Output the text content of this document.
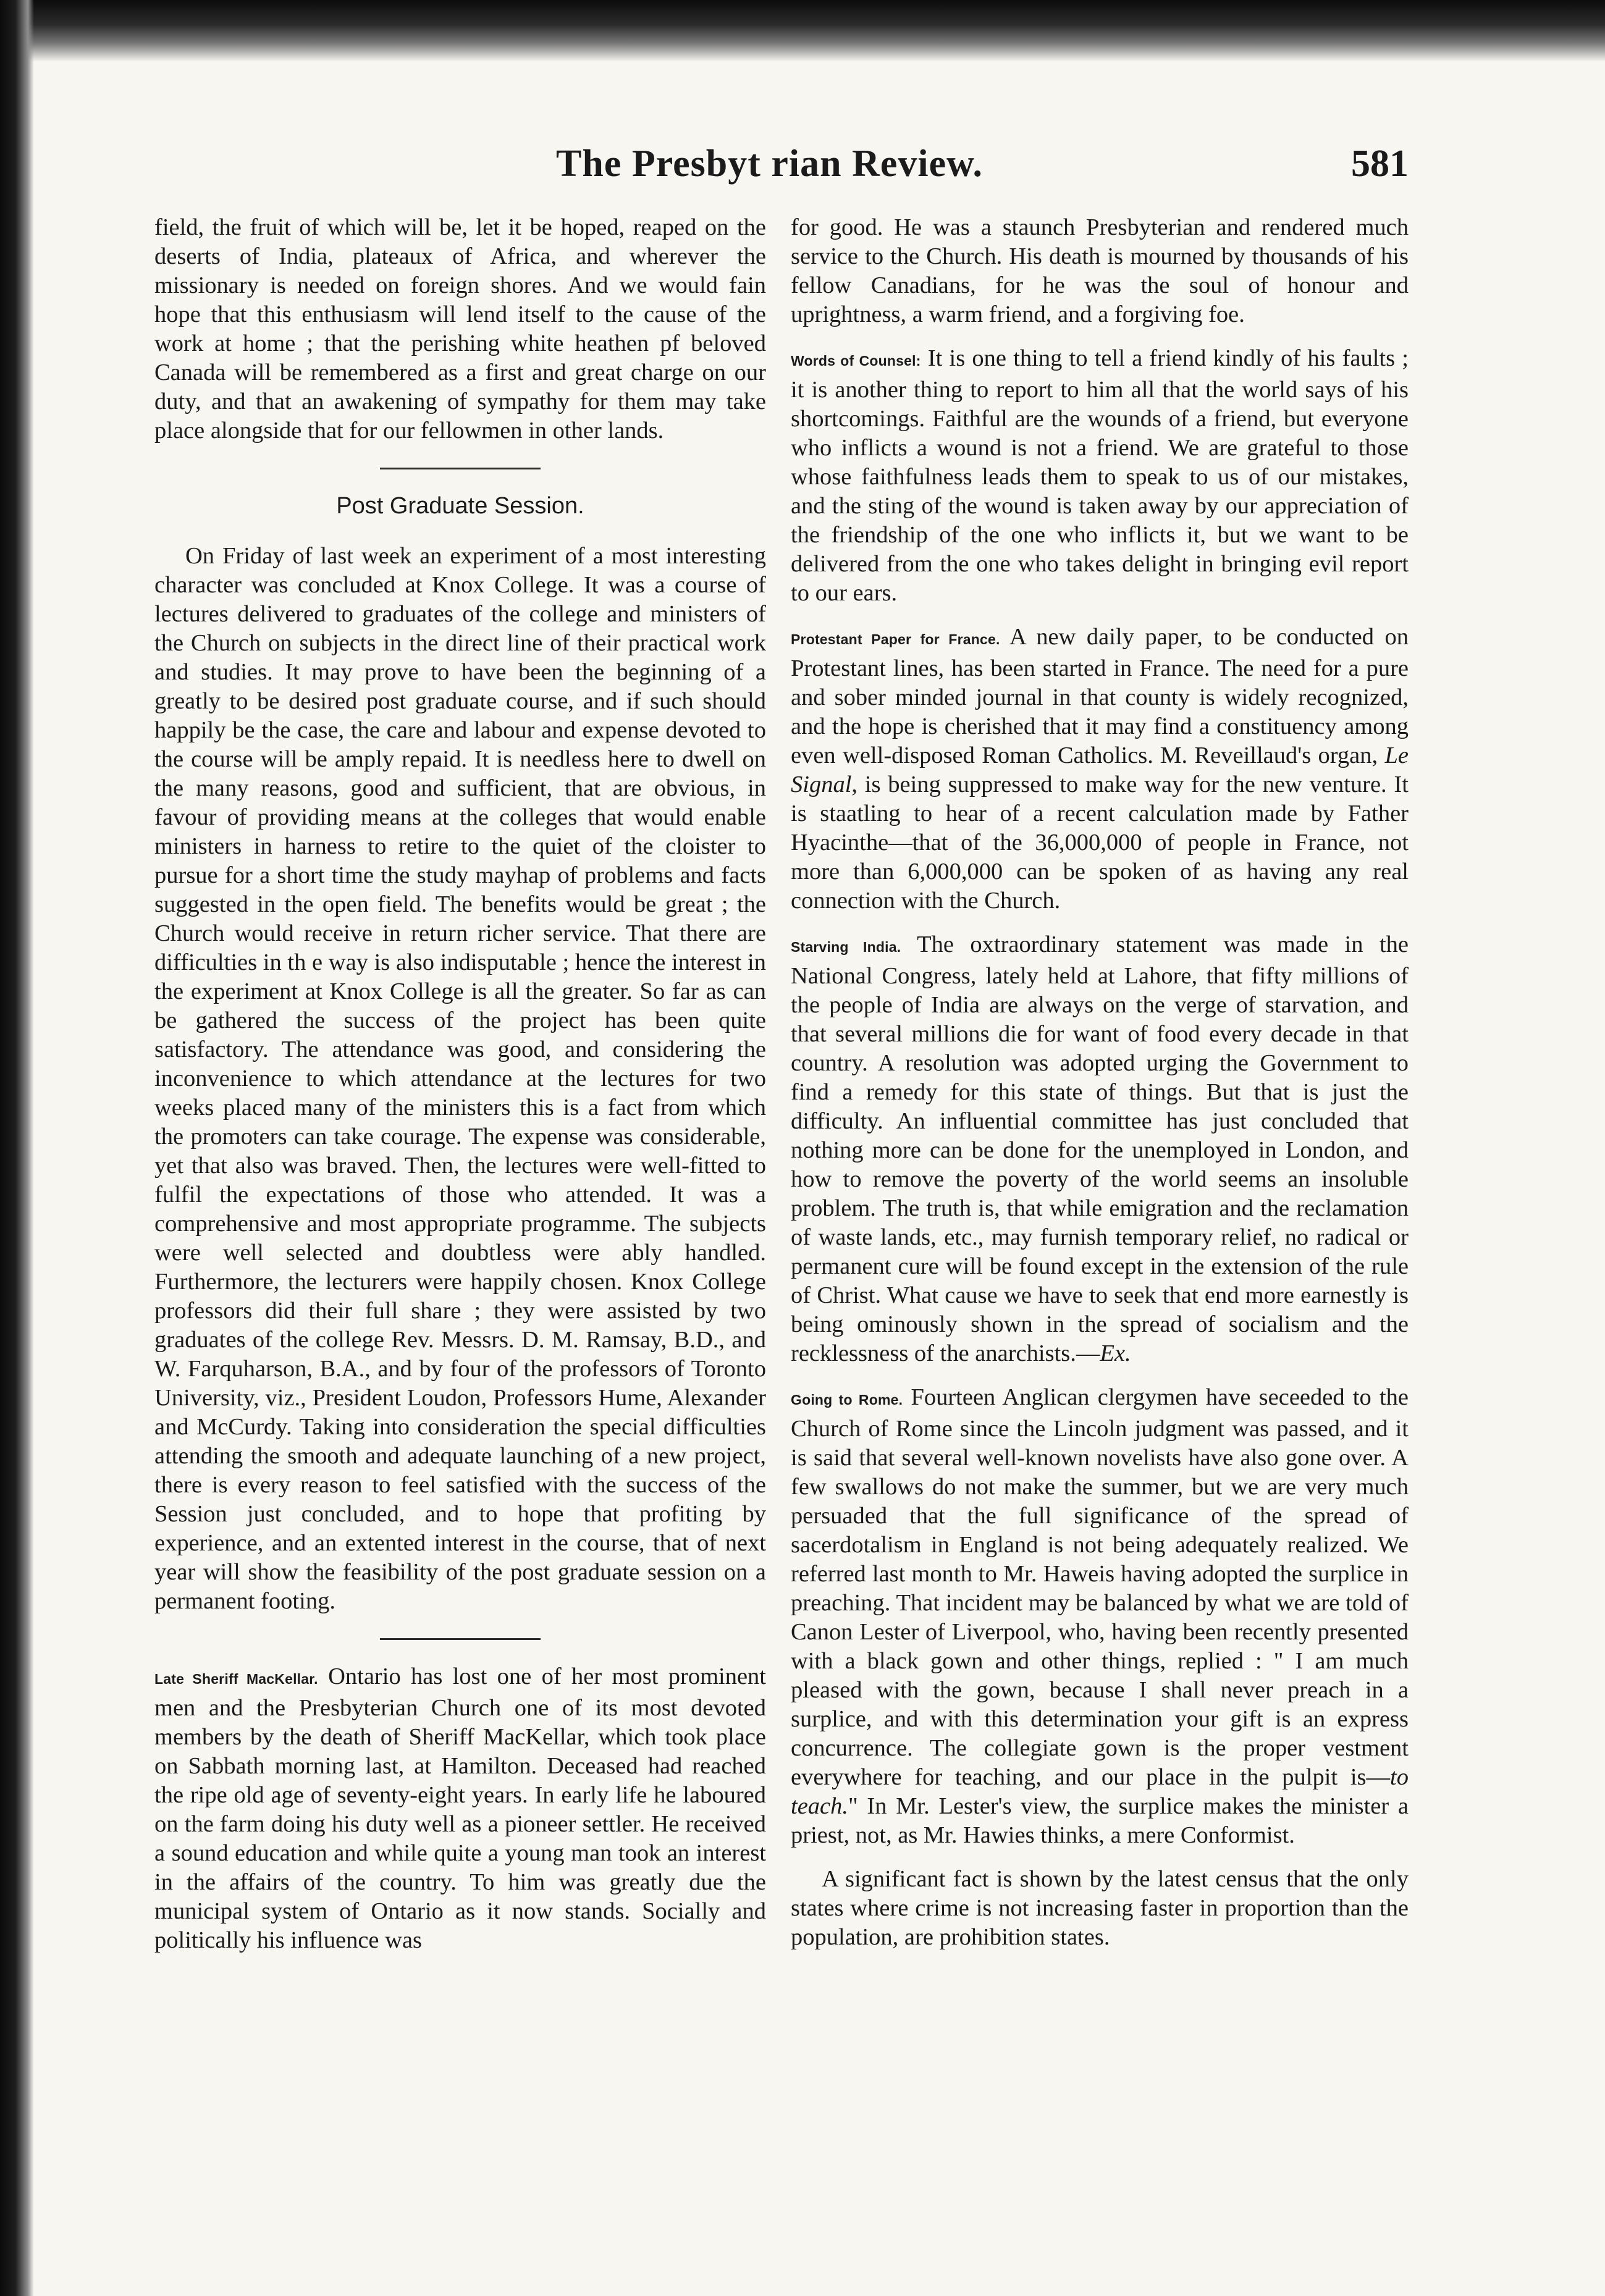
The Presbyt rian Review.	581

field, the fruit of which will be, let it be hoped, reaped on the deserts of India, plateaux of Africa, and wherever the missionary is needed on foreign shores. And we would fain hope that this enthusiasm will lend itself to the cause of the work at home ; that the perishing white heathen pf beloved Canada will be remembered as a first and great charge on our duty, and that an awakening of sympathy for them may take place alongside that for our fellowmen in other lands.

Post Graduate Session.

On Friday of last week an experiment of a most interesting character was concluded at Knox College. It was a course of lectures delivered to graduates of the college and ministers of the Church on subjects in the direct line of their practical work and studies. It may prove to have been the beginning of a greatly to be desired post graduate course, and if such should happily be the case, the care and labour and expense devoted to the course will be amply repaid. It is needless here to dwell on the many reasons, good and sufficient, that are obvious, in favour of providing means at the colleges that would enable ministers in harness to retire to the quiet of the cloister to pursue for a short time the study mayhap of problems and facts suggested in the open field. The benefits would be great ; the Church would receive in return richer service. That there are difficulties in th e way is also indisputable ; hence the interest in the experiment at Knox College is all the greater. So far as can be gathered the success of the project has been quite satisfactory. The attendance was good, and considering the inconvenience to which attendance at the lectures for two weeks placed many of the ministers this is a fact from which the promoters can take courage. The expense was considerable, yet that also was braved. Then, the lectures were well-fitted to fulfil the expectations of those who attended. It was a comprehensive and most appropriate programme. The subjects were well selected and doubtless were ably handled. Furthermore, the lecturers were happily chosen. Knox College professors did their full share ; they were assisted by two graduates of the college Rev. Messrs. D. M. Ramsay, B.D., and W. Farquharson, B.A., and by four of the professors of Toronto University, viz., President Loudon, Professors Hume, Alexander and McCurdy. Taking into consideration the special difficulties attending the smooth and adequate launching of a new project, there is every reason to feel satisfied with the success of the Session just concluded, and to hope that profiting by experience, and an extented interest in the course, that of next year will show the feasibility of the post graduate session on a permanent footing.

Late Sheriff MacKellar. Ontario has lost one of her most prominent men and the Presbyterian Church one of its most devoted members by the death of Sheriff MacKellar, which took place on Sabbath morning last, at Hamilton. Deceased had reached the ripe old age of seventy-eight years. In early life he laboured on the farm doing his duty well as a pioneer settler. He received a sound education and while quite a young man took an interest in the affairs of the country. To him was greatly due the municipal system of Ontario as it now stands. Socially and politically his influence was

for good. He was a staunch Presbyterian and rendered much service to the Church. His death is mourned by thousands of his fellow Canadians, for he was the soul of honour and uprightness, a warm friend, and a forgiving foe.

Words of Counsel: It is one thing to tell a friend kindly of his faults ; it is another thing to report to him all that the world says of his shortcomings. Faithful are the wounds of a friend, but everyone who inflicts a wound is not a friend. We are grateful to those whose faithfulness leads them to speak to us of our mistakes, and the sting of the wound is taken away by our appreciation of the friendship of the one who inflicts it, but we want to be delivered from the one who takes delight in bringing evil report to our ears.

Protestant Paper for France. A new daily paper, to be conducted on Protestant lines, has been started in France. The need for a pure and sober minded journal in that county is widely recognized, and the hope is cherished that it may find a constituency among even well-disposed Roman Catholics. M. Reveillaud's organ, Le Signal, is being suppressed to make way for the new venture. It is staatling to hear of a recent calculation made by Father Hyacinthe—that of the 36,000,000 of people in France, not more than 6,000,000 can be spoken of as having any real connection with the Church.

Starving India. The oxtraordinary statement was made in the National Congress, lately held at Lahore, that fifty millions of the people of India are always on the verge of starvation, and that several millions die for want of food every decade in that country. A resolution was adopted urging the Government to find a remedy for this state of things. But that is just the difficulty. An influential committee has just concluded that nothing more can be done for the unemployed in London, and how to remove the poverty of the world seems an insoluble problem. The truth is, that while emigration and the reclamation of waste lands, etc., may furnish temporary relief, no radical or permanent cure will be found except in the extension of the rule of Christ. What cause we have to seek that end more earnestly is being ominously shown in the spread of socialism and the recklessness of the anarchists.—Ex.

Going to Rome. Fourteen Anglican clergymen have seceeded to the Church of Rome since the Lincoln judgment was passed, and it is said that several well-known novelists have also gone over. A few swallows do not make the summer, but we are very much persuaded that the full significance of the spread of sacerdotalism in England is not being adequately realized. We referred last month to Mr. Haweis having adopted the surplice in preaching. That incident may be balanced by what we are told of Canon Lester of Liverpool, who, having been recently presented with a black gown and other things, replied : " I am much pleased with the gown, because I shall never preach in a surplice, and with this determination your gift is an express concurrence. The collegiate gown is the proper vestment everywhere for teaching, and our place in the pulpit is—to teach." In Mr. Lester's view, the surplice makes the minister a priest, not, as Mr. Hawies thinks, a mere Conformist.

A significant fact is shown by the latest census that the only states where crime is not increasing faster in proportion than the population, are prohibition states.
